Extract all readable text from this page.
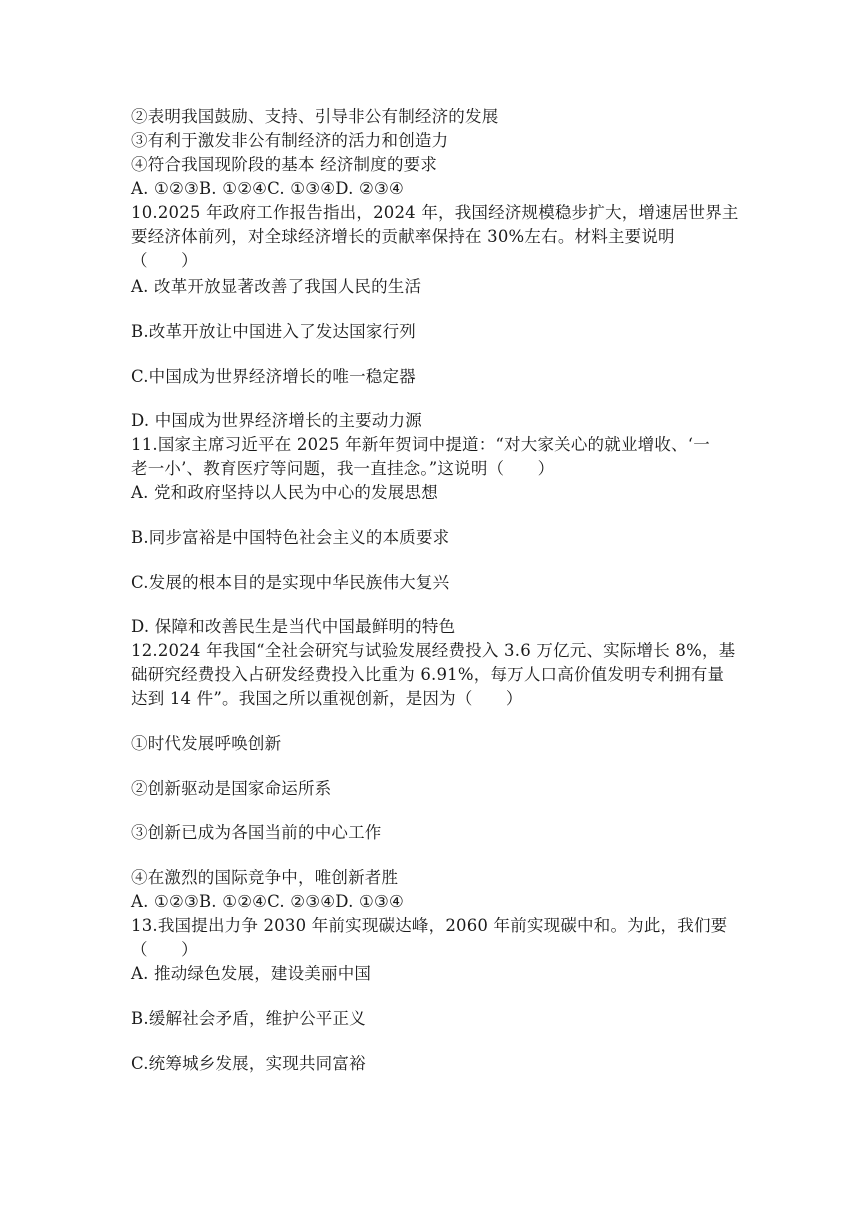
②表明我国鼓励、支持、引导非公有制经济的发展
③有利于激发非公有制经济的活力和创造力
④符合我国现阶段的基本 经济制度的要求
A. ①②③B. ①②④C. ①③④D. ②③④
10.2025 年政府工作报告指出，2024 年，我国经济规模稳步扩大，增速居世界主
要经济体前列，对全球经济增长的贡献率保持在 30%左右。材料主要说明
（　　）
A. 改革开放显著改善了我国人民的生活
B.改革开放让中国进入了发达国家行列
C.中国成为世界经济增长的唯一稳定器
D. 中国成为世界经济增长的主要动力源
11.国家主席习近平在 2025 年新年贺词中提道：“对大家关心的就业增收、‘一
老一小’、教育医疗等问题，我一直挂念。”这说明（　　）
A. 党和政府坚持以人民为中心的发展思想
B.同步富裕是中国特色社会主义的本质要求
C.发展的根本目的是实现中华民族伟大复兴
D. 保障和改善民生是当代中国最鲜明的特色
12.2024 年我国“全社会研究与试验发展经费投入 3.6 万亿元、实际增长 8%，基
础研究经费投入占研发经费投入比重为 6.91%，每万人口高价值发明专利拥有量
达到 14 件”。我国之所以重视创新，是因为（　　）
①时代发展呼唤创新
②创新驱动是国家命运所系
③创新已成为各国当前的中心工作
④在激烈的国际竞争中，唯创新者胜
A. ①②③B. ①②④C. ②③④D. ①③④
13.我国提出力争 2030 年前实现碳达峰，2060 年前实现碳中和。为此，我们要
（　　）
A. 推动绿色发展，建设美丽中国
B.缓解社会矛盾，维护公平正义
C.统筹城乡发展，实现共同富裕
